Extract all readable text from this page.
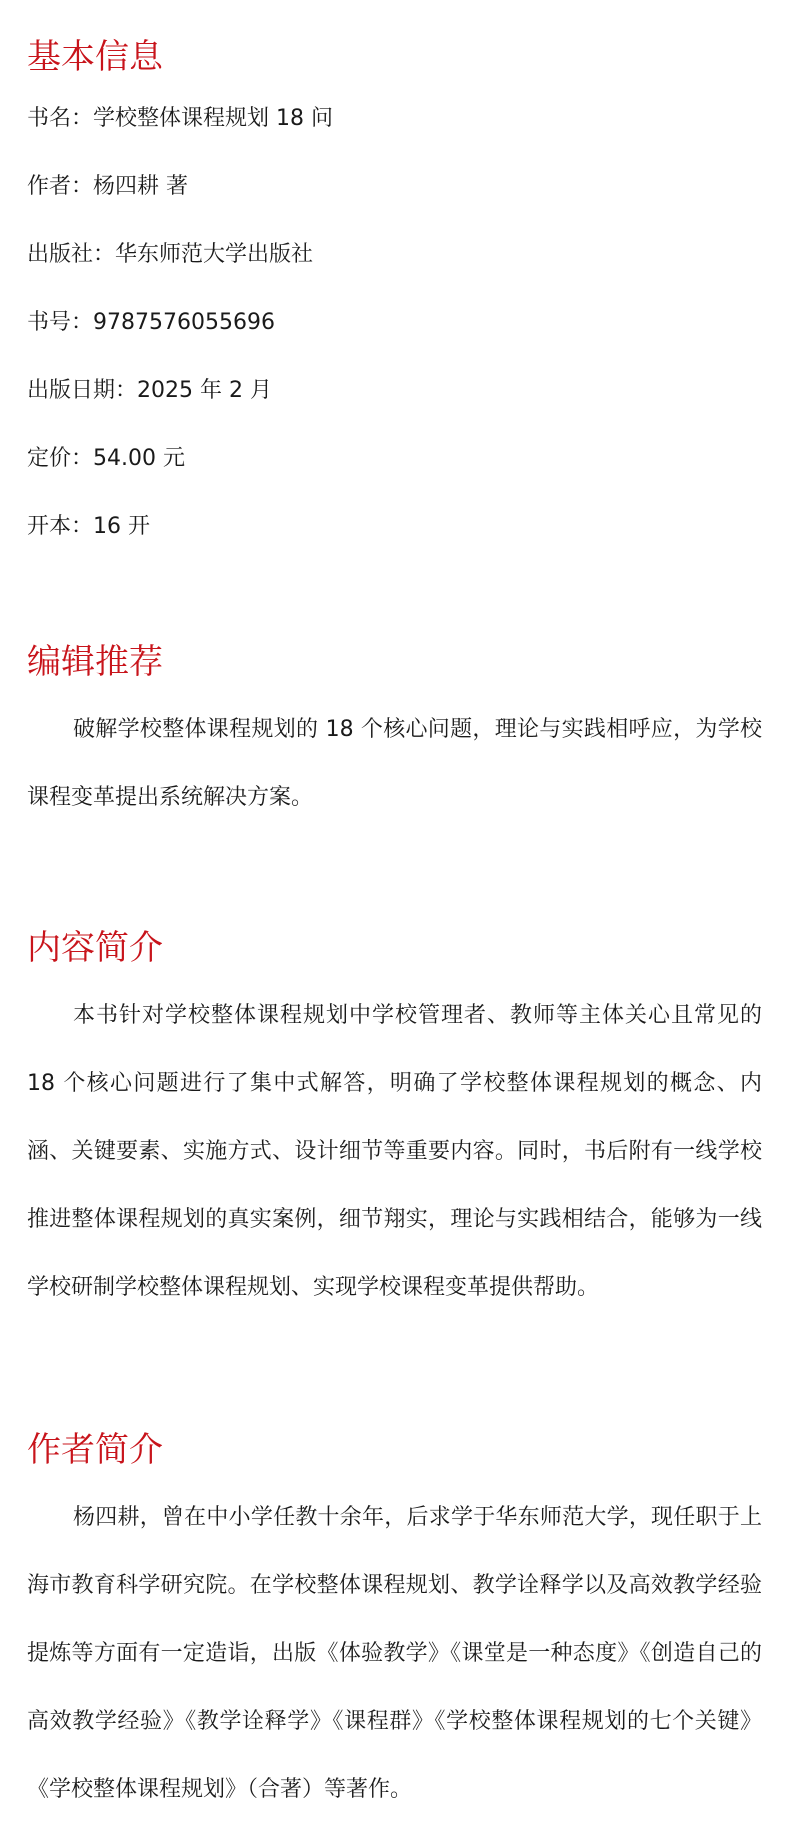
基本信息

书名：学校整体课程规划 18 问

作者：杨四耕 著

出版社：华东师范大学出版社

书号：9787576055696

出版日期：2025 年 2 月

定价：54.00 元

开本：16 开

编辑推荐

破解学校整体课程规划的 18 个核心问题，理论与实践相呼应，为学校课程变革提出系统解决方案。

内容简介

本书针对学校整体课程规划中学校管理者、教师等主体关心且常见的 18 个核心问题进行了集中式解答，明确了学校整体课程规划的概念、内涵、关键要素、实施方式、设计细节等重要内容。同时，书后附有一线学校推进整体课程规划的真实案例，细节翔实，理论与实践相结合，能够为一线学校研制学校整体课程规划、实现学校课程变革提供帮助。

作者简介

杨四耕，曾在中小学任教十余年，后求学于华东师范大学，现任职于上海市教育科学研究院。在学校整体课程规划、教学诠释学以及高效教学经验提炼等方面有一定造诣，出版《体验教学》《课堂是一种态度》《创造自己的高效教学经验》《教学诠释学》《课程群》《学校整体课程规划的七个关键》《学校整体课程规划》（合著）等著作。
